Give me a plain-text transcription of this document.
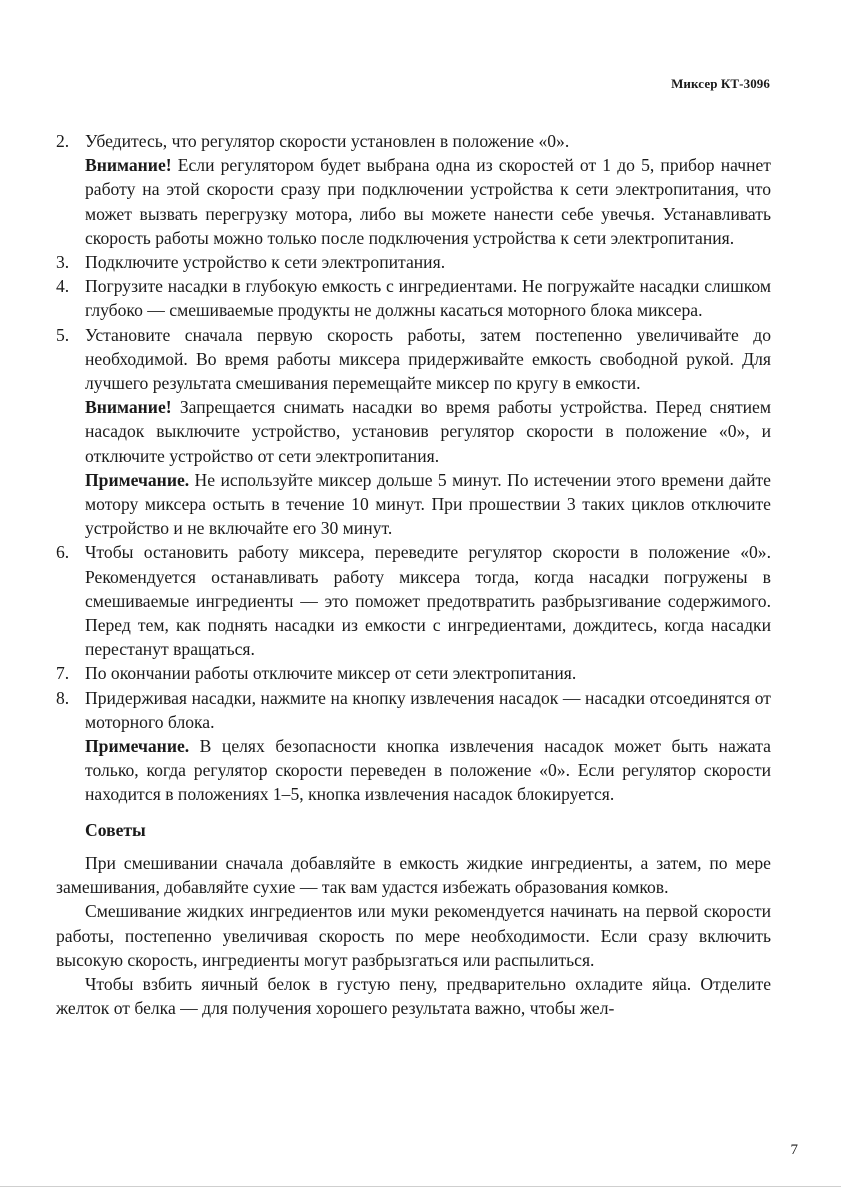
Миксер КТ-3096
2. Убедитесь, что регулятор скорости установлен в положение «0».

Внимание! Если регулятором будет выбрана одна из скоростей от 1 до 5, прибор начнет работу на этой скорости сразу при подключении устройства к сети электропитания, что может вызвать перегрузку мотора, либо вы можете нанести себе увечья. Устанавливать скорость работы можно только после подключения устройства к сети электропитания.

3. Подключите устройство к сети электропитания.

4. Погрузите насадки в глубокую емкость с ингредиентами. Не погружайте насадки слишком глубоко — смешиваемые продукты не должны касаться моторного блока миксера.

5. Установите сначала первую скорость работы, затем постепенно увеличивайте до необходимой. Во время работы миксера придерживайте емкость свободной рукой. Для лучшего результата смешивания перемещайте миксер по кругу в емкости.

Внимание! Запрещается снимать насадки во время работы устройства. Перед снятием насадок выключите устройство, установив регулятор скорости в положение «0», и отключите устройство от сети электропитания.

Примечание. Не используйте миксер дольше 5 минут. По истечении этого времени дайте мотору миксера остыть в течение 10 минут. При прошествии 3 таких циклов отключите устройство и не включайте его 30 минут.

6. Чтобы остановить работу миксера, переведите регулятор скорости в положение «0». Рекомендуется останавливать работу миксера тогда, когда насадки погружены в смешиваемые ингредиенты — это поможет предотвратить разбрызгивание содержимого. Перед тем, как поднять насадки из емкости с ингредиентами, дождитесь, когда насадки перестанут вращаться.

7. По окончании работы отключите миксер от сети электропитания.

8. Придерживая насадки, нажмите на кнопку извлечения насадок — насадки отсоединятся от моторного блока.

Примечание. В целях безопасности кнопка извлечения насадок может быть нажата только, когда регулятор скорости переведен в положение «0». Если регулятор скорости находится в положениях 1–5, кнопка извлечения насадок блокируется.

Советы

При смешивании сначала добавляйте в емкость жидкие ингредиенты, а затем, по мере замешивания, добавляйте сухие — так вам удастся избежать образования комков.

Смешивание жидких ингредиентов или муки рекомендуется начинать на первой скорости работы, постепенно увеличивая скорость по мере необходимости. Если сразу включить высокую скорость, ингредиенты могут разбрызгаться или распылиться.

Чтобы взбить яичный белок в густую пену, предварительно охладите яйца. Отделите желток от белка — для получения хорошего результата важно, чтобы жел-

7
